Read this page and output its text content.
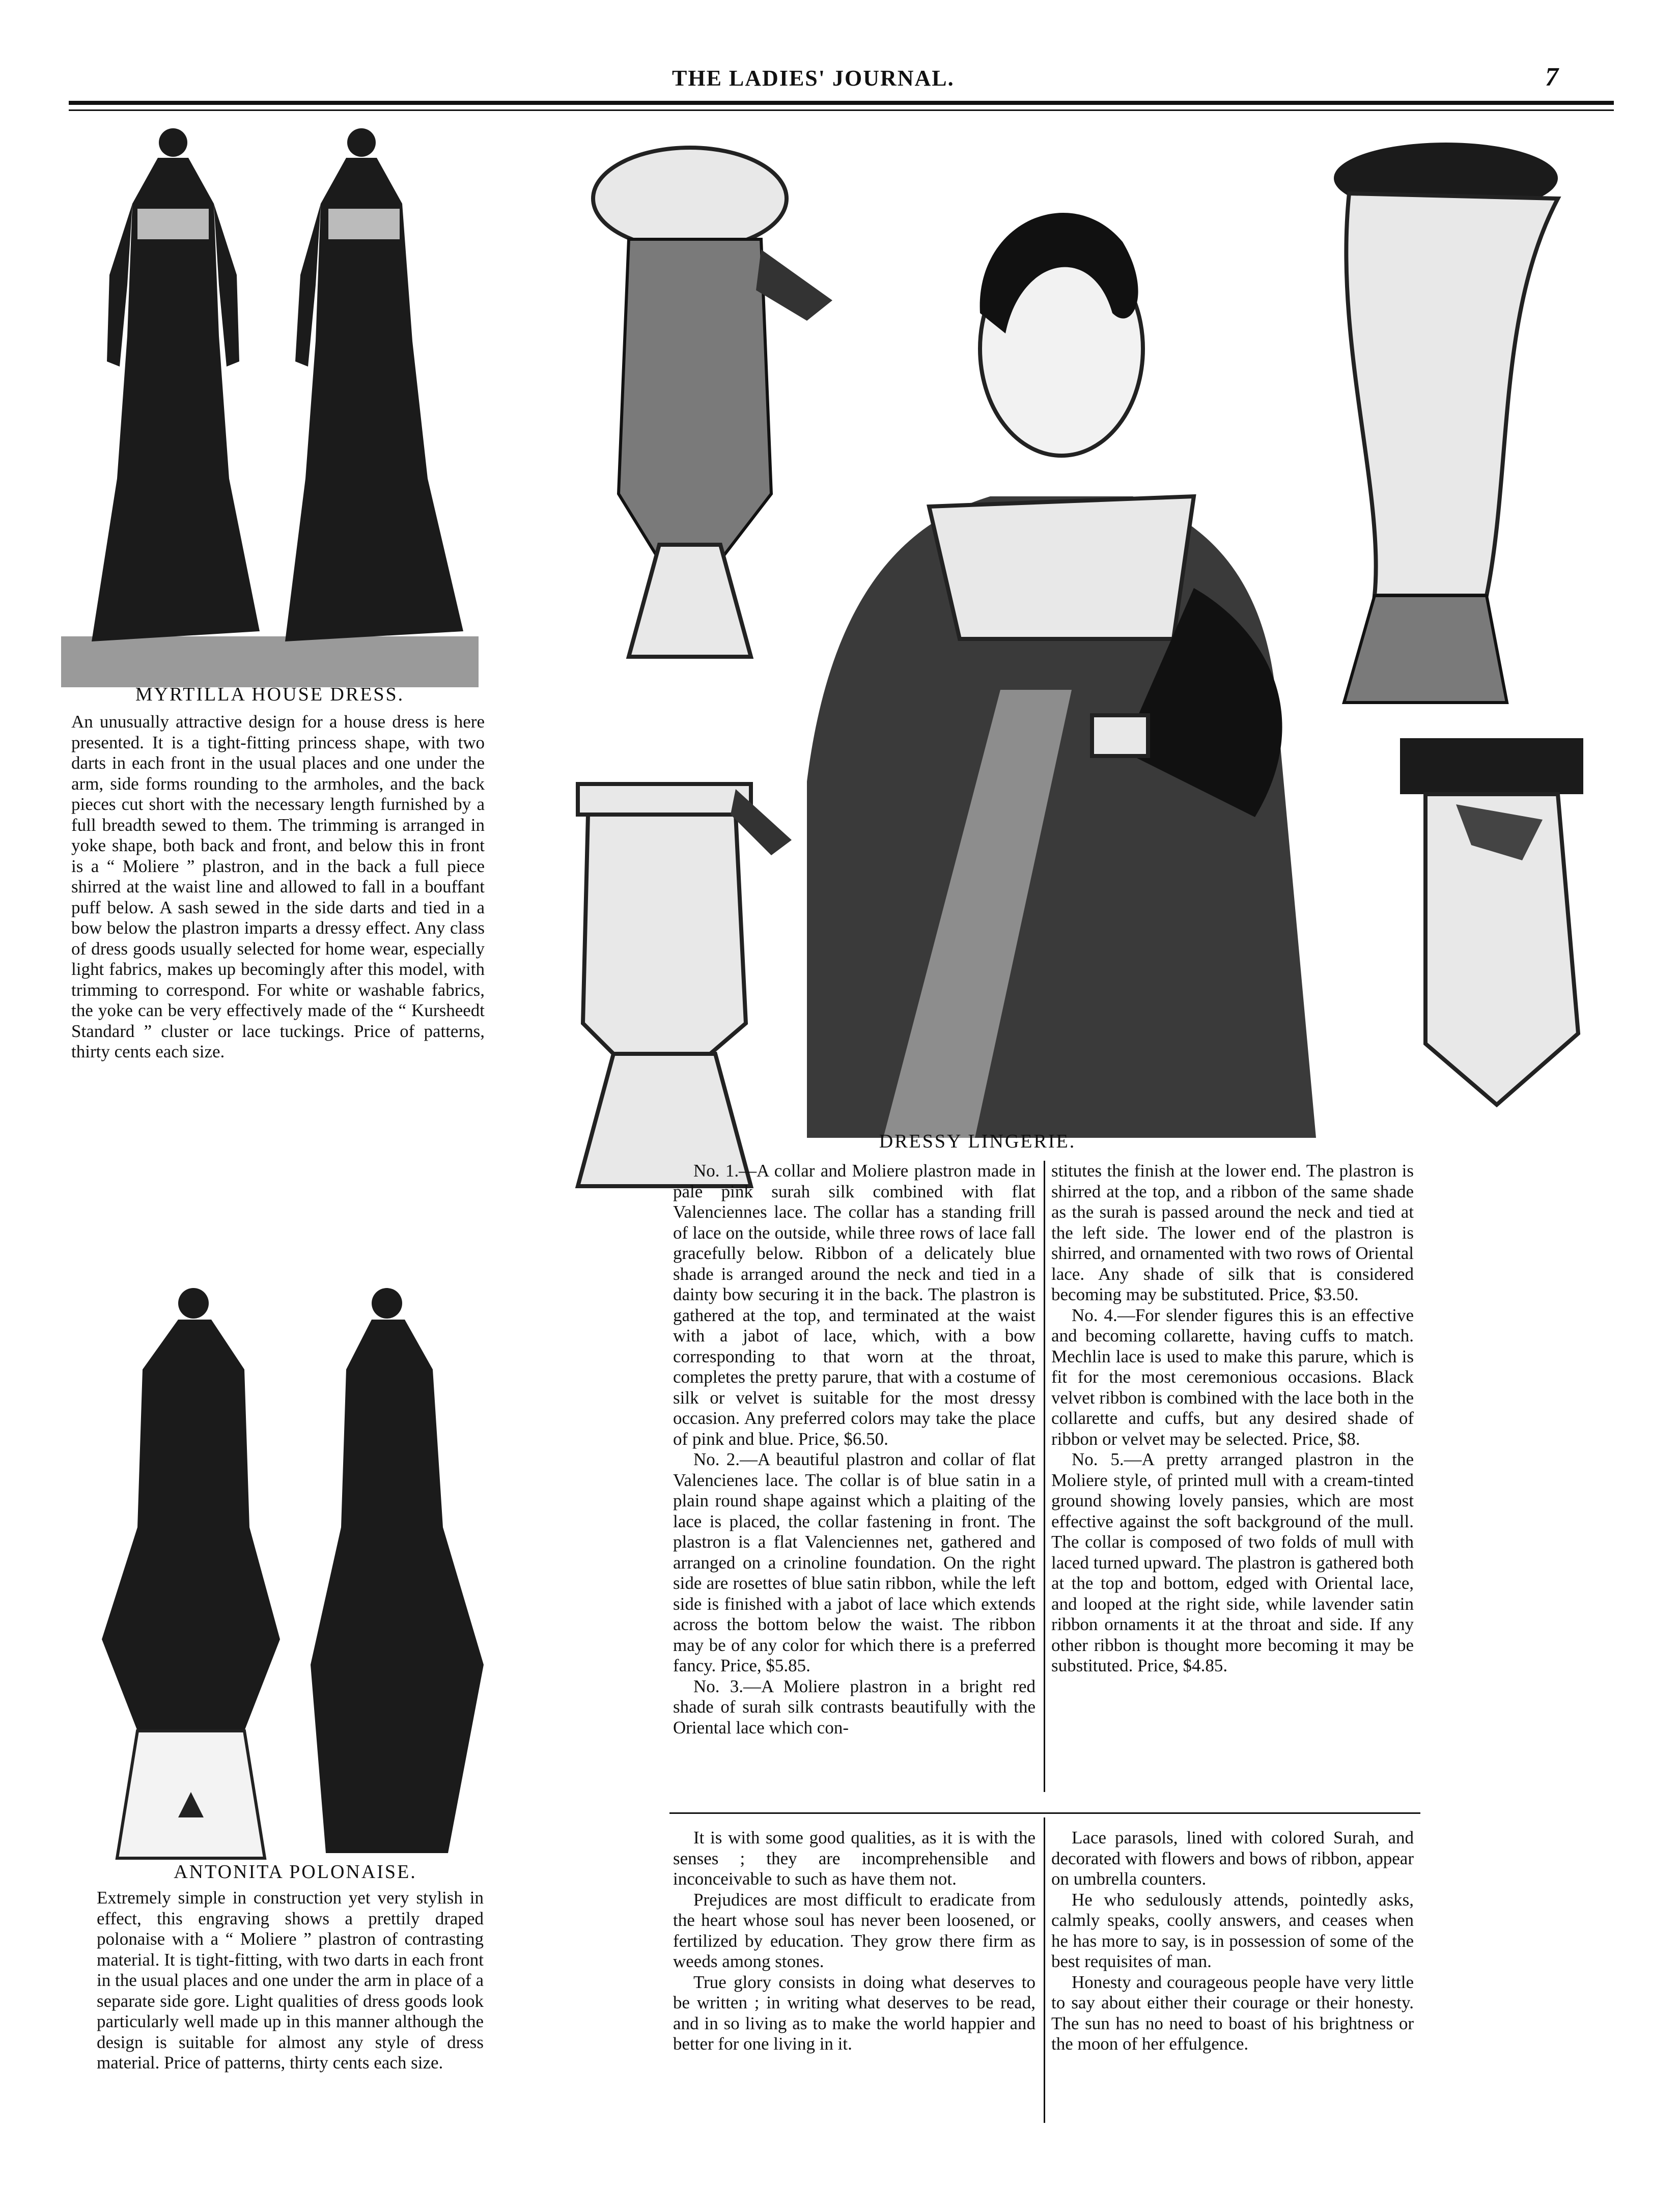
THE LADIES' JOURNAL.	7
MYRTILLA HOUSE DRESS.
An unusually attractive design for a house dress is here presented. It is a tight-fitting princess shape, with two darts in each front in the usual places and one under the arm, side forms rounding to the armholes, and the back pieces cut short with the necessary length furnished by a full breadth sewed to them. The trimming is arranged in yoke shape, both back and front, and below this in front is a “ Moliere ” plastron, and in the back a full piece shirred at the waist line and allowed to fall in a bouffant puff below. A sash sewed in the side darts and tied in a bow below the plastron imparts a dressy effect. Any class of dress goods usually selected for home wear, especially light fabrics, makes up becomingly after this model, with trimming to correspond. For white or washable fabrics, the yoke can be very effectively made of the “ Kursheedt Standard ” cluster or lace tuckings. Price of patterns, thirty cents each size.
ANTONITA POLONAISE.
Extremely simple in construction yet very stylish in effect, this engraving shows a prettily draped polonaise with a “ Moliere ” plastron of contrasting material. It is tight-fitting, with two darts in each front in the usual places and one under the arm in place of a separate side gore. Light qualities of dress goods look particularly well made up in this manner although the design is suitable for almost any style of dress material. Price of patterns, thirty cents each size.
DRESSY LINGERIE.

No. 1.—A collar and Moliere plastron made in pale pink surah silk combined with flat Valenciennes lace. The collar has a standing frill of lace on the outside, while three rows of lace fall gracefully below. Ribbon of a delicately blue shade is arranged around the neck and tied in a dainty bow securing it in the back. The plastron is gathered at the top, and terminated at the waist with a jabot of lace, which, with a bow corresponding to that worn at the throat, completes the pretty parure, that with a costume of silk or velvet is suitable for the most dressy occasion. Any preferred colors may take the place of pink and blue. Price, $6.50.

No. 2.—A beautiful plastron and collar of flat Valencienes lace. The collar is of blue satin in a plain round shape against which a plaiting of the lace is placed, the collar fastening in front. The plastron is a flat Valenciennes net, gathered and arranged on a crinoline foundation. On the right side are rosettes of blue satin ribbon, while the left side is finished with a jabot of lace which extends across the bottom below the waist. The ribbon may be of any color for which there is a preferred fancy. Price, $5.85.

No. 3.—A Moliere plastron in a bright red shade of surah silk contrasts beautifully with the Oriental lace which con-

stitutes the finish at the lower end. The plastron is shirred at the top, and a ribbon of the same shade as the surah is passed around the neck and tied at the left side. The lower end of the plastron is shirred, and ornamented with two rows of Oriental lace. Any shade of silk that is considered becoming may be substituted. Price, $3.50.

No. 4.—For slender figures this is an effective and becoming collarette, having cuffs to match. Mechlin lace is used to make this parure, which is fit for the most ceremonious occasions. Black velvet ribbon is combined with the lace both in the collarette and cuffs, but any desired shade of ribbon or velvet may be selected. Price, $8.

No. 5.—A pretty arranged plastron in the Moliere style, of printed mull with a cream-tinted ground showing lovely pansies, which are most effective against the soft background of the mull. The collar is composed of two folds of mull with laced turned upward. The plastron is gathered both at the top and bottom, edged with Oriental lace, and looped at the right side, while lavender satin ribbon ornaments it at the throat and side. If any other ribbon is thought more becoming it may be substituted. Price, $4.85.

It is with some good qualities, as it is with the senses ; they are incomprehensible and inconceivable to such as have them not.

Prejudices are most difficult to eradicate from the heart whose soul has never been loosened, or fertilized by education. They grow there firm as weeds among stones.

True glory consists in doing what deserves to be written ; in writing what deserves to be read, and in so living as to make the world happier and better for one living in it.

Lace parasols, lined with colored Surah, and decorated with flowers and bows of ribbon, appear on umbrella counters.

He who sedulously attends, pointedly asks, calmly speaks, coolly answers, and ceases when he has more to say, is in possession of some of the best requisites of man.

Honesty and courageous people have very little to say about either their courage or their honesty. The sun has no need to boast of his brightness or the moon of her effulgence.
